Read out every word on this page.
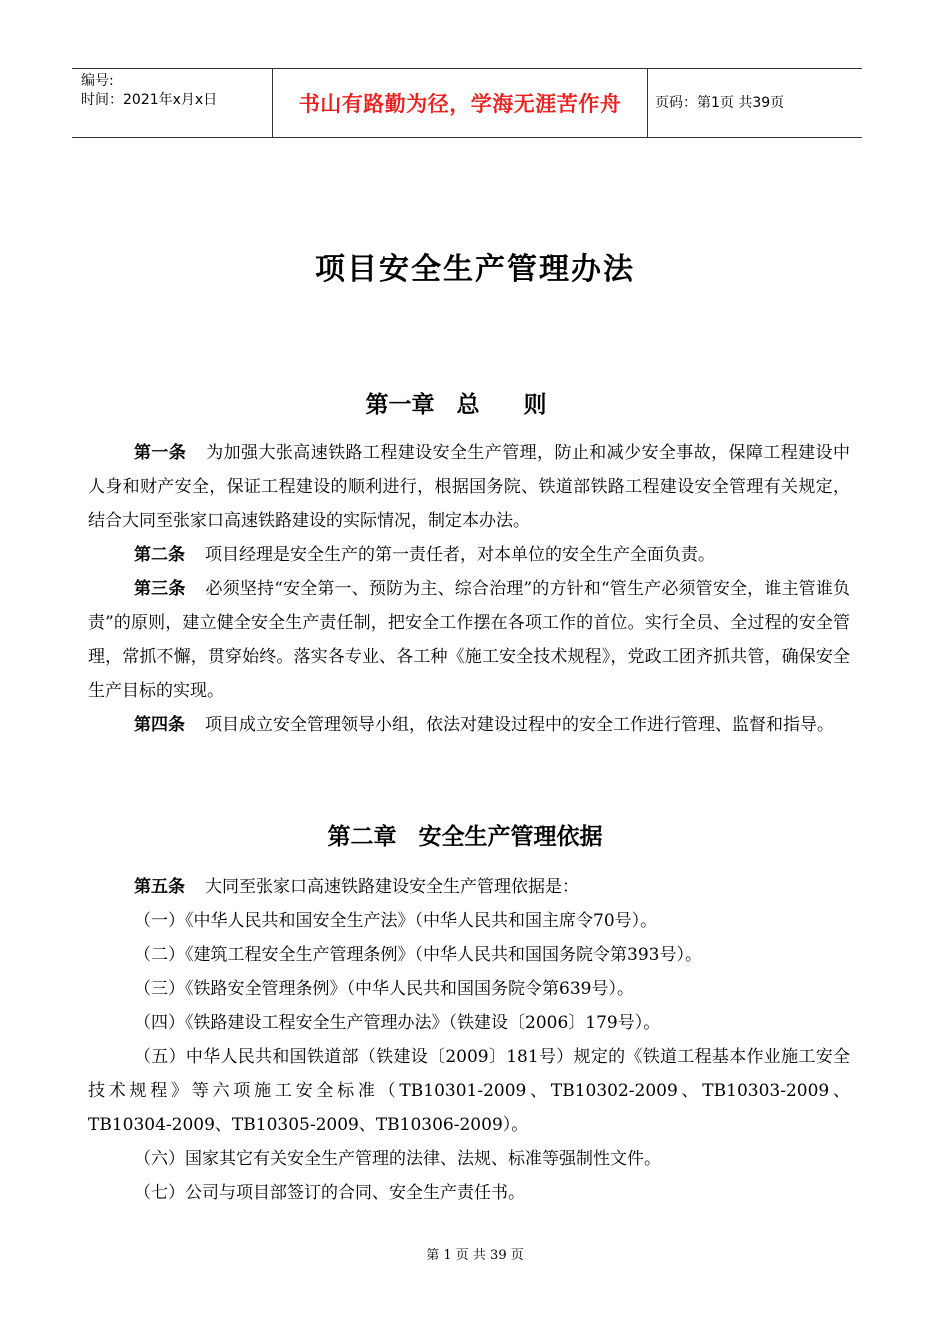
编号:
时间：2021年x月x日	书山有路勤为径，学海无涯苦作舟 页码：第1页 共39页
项目安全生产管理办法
第一章 总 则

第一条 为加强大张高速铁路工程建设安全生产管理，防止和减少安全事故，保障工程建设中人身和财产安全，保证工程建设的顺利进行，根据国务院、铁道部铁路工程建设安全管理有关规定，结合大同至张家口高速铁路建设的实际情况，制定本办法。

第二条 项目经理是安全生产的第一责任者，对本单位的安全生产全面负责。

第三条 必须坚持“安全第一、预防为主、综合治理”的方针和“管生产必须管安全，谁主管谁负责”的原则，建立健全安全生产责任制，把安全工作摆在各项工作的首位。实行全员、全过程的安全管理，常抓不懈，贯穿始终。落实各专业、各工种《施工安全技术规程》，党政工团齐抓共管，确保安全生产目标的实现。

第四条 项目成立安全管理领导小组，依法对建设过程中的安全工作进行管理、监督和指导。

第二章 安全生产管理依据

第五条 大同至张家口高速铁路建设安全生产管理依据是：

（一）《中华人民共和国安全生产法》（中华人民共和国主席令70号）。

（二）《建筑工程安全生产管理条例》（中华人民共和国国务院令第393号）。

（三）《铁路安全管理条例》（中华人民共和国国务院令第639号）。

（四）《铁路建设工程安全生产管理办法》（铁建设〔2006〕179号）。

（五）中华人民共和国铁道部（铁建设〔2009〕181号）规定的《铁道工程基本作业施工安全技术规程》等六项施工安全标准（TB10301-2009、TB10302-2009、TB10303-2009、TB10304-2009、TB10305-2009、TB10306-2009）。

（六）国家其它有关安全生产管理的法律、法规、标准等强制性文件。

（七）公司与项目部签订的合同、安全生产责任书。

第 1 页 共 39 页
